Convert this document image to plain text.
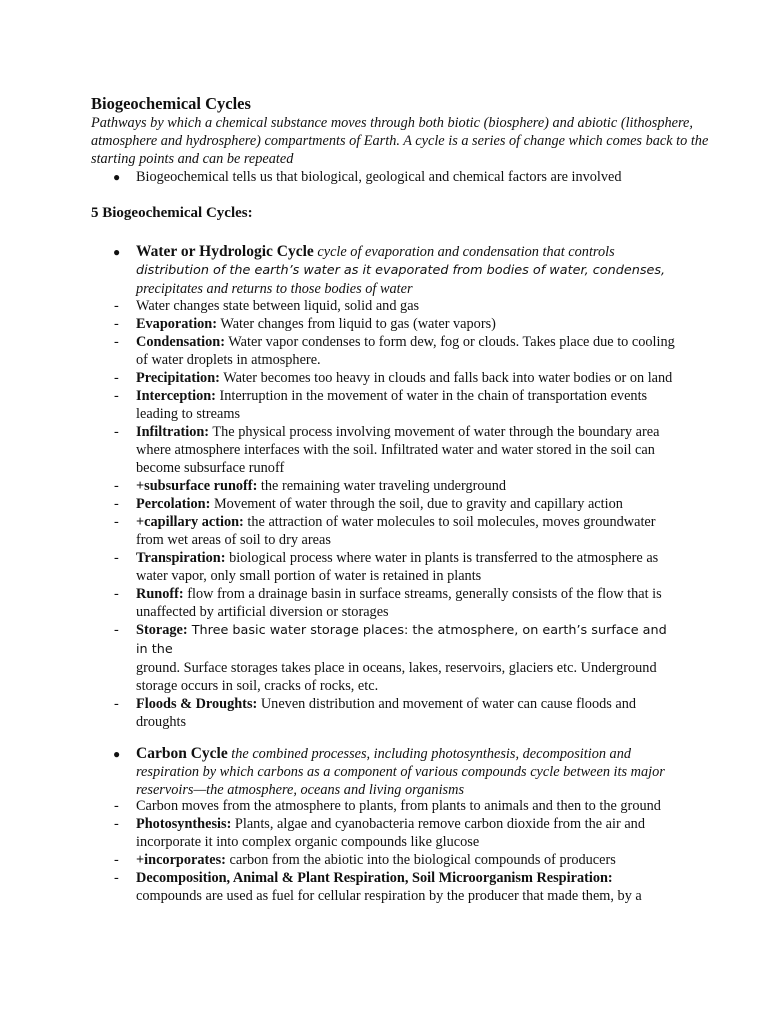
Biogeochemical Cycles

Pathways by which a chemical substance moves through both biotic (biosphere) and abiotic (lithosphere, atmosphere and hydrosphere) compartments of Earth. A cycle is a series of change which comes back to the starting points and can be repeated

● Biogeochemical tells us that biological, geological and chemical factors are involved

5 Biogeochemical Cycles:
● Water or Hydrologic Cycle cycle of evaporation and condensation that controls
distribution of the earth’s water as it evaporated from bodies of water, condenses,
precipitates and returns to those bodies of water
- Water changes state between liquid, solid and gas
- Evaporation: Water changes from liquid to gas (water vapors)
- Condensation: Water vapor condenses to form dew, fog or clouds. Takes place due to cooling of water droplets in atmosphere.
- Precipitation: Water becomes too heavy in clouds and falls back into water bodies or on land
- Interception: Interruption in the movement of water in the chain of transportation events leading to streams
- Infiltration: The physical process involving movement of water through the boundary area where atmosphere interfaces with the soil. Infiltrated water and water stored in the soil can become subsurface runoff
- +subsurface runoff: the remaining water traveling underground
- Percolation: Movement of water through the soil, due to gravity and capillary action
- +capillary action: the attraction of water molecules to soil molecules, moves groundwater from wet areas of soil to dry areas
- Transpiration: biological process where water in plants is transferred to the atmosphere as water vapor, only small portion of water is retained in plants
- Runoff: flow from a drainage basin in surface streams, generally consists of the flow that is unaffected by artificial diversion or storages
- Storage: Three basic water storage places: the atmosphere, on earth’s surface and in the
ground. Surface storages takes place in oceans, lakes, reservoirs, glaciers etc. Underground storage occurs in soil, cracks of rocks, etc.
- Floods & Droughts: Uneven distribution and movement of water can cause floods and droughts
● Carbon Cycle the combined processes, including photosynthesis, decomposition and respiration by which carbons as a component of various compounds cycle between its major reservoirs—the atmosphere, oceans and living organisms
- Carbon moves from the atmosphere to plants, from plants to animals and then to the ground
- Photosynthesis: Plants, algae and cyanobacteria remove carbon dioxide from the air and incorporate it into complex organic compounds like glucose
- +incorporates: carbon from the abiotic into the biological compounds of producers
- Decomposition, Animal & Plant Respiration, Soil Microorganism Respiration: compounds are used as fuel for cellular respiration by the producer that made them, by a
